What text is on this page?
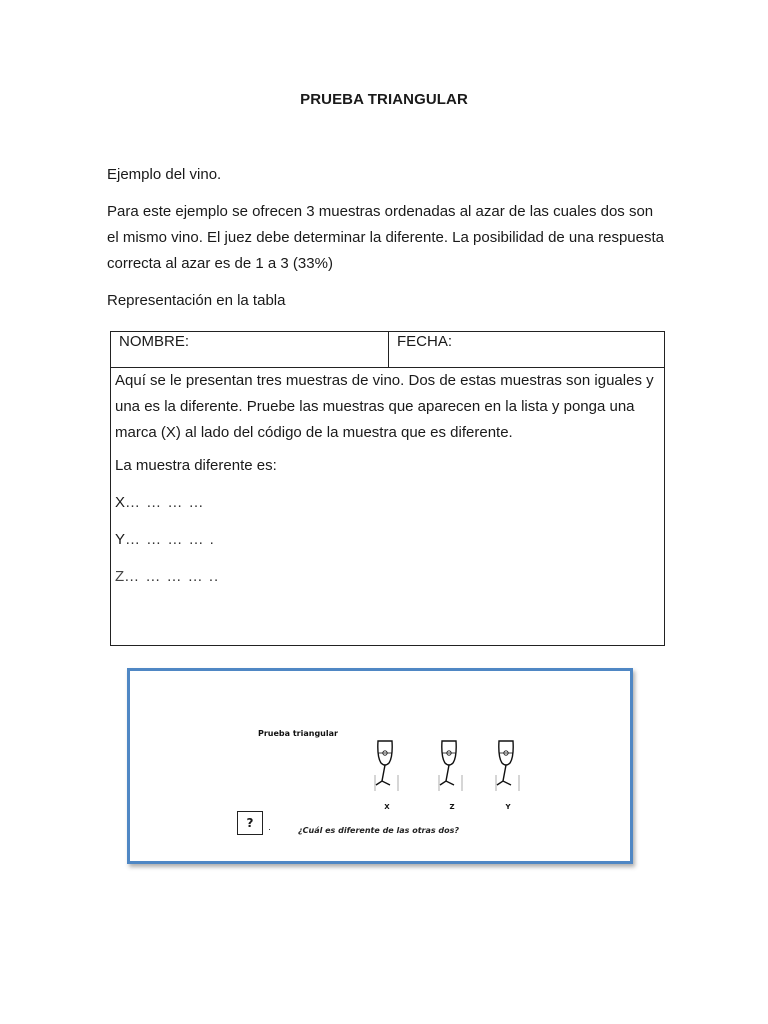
PRUEBA TRIANGULAR
Ejemplo del vino.
Para este ejemplo se ofrecen 3 muestras ordenadas al azar de las cuales dos son el mismo vino. El juez debe determinar la diferente. La posibilidad de una respuesta correcta al azar es de 1 a 3 (33%)
Representación en la tabla
NOMBRE:	FECHA:

Aquí se le presentan tres muestras de vino. Dos de estas muestras son iguales y una es la diferente. Pruebe las muestras que aparecen en la lista y ponga una marca (X) al lado del código de la muestra que es diferente.
La muestra diferente es:
X… … … …
Y… … … … .
Z… … … … ..
Prueba triangular
X	Z	Y
?
¿Cuál es diferente de las otras dos?
